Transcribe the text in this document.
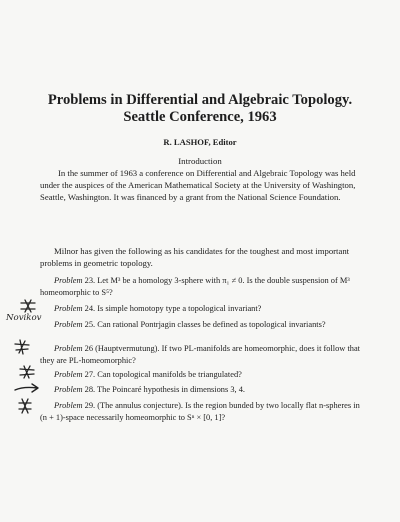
Problems in Differential and Algebraic Topology. Seattle Conference, 1963
R. LASHOF, Editor
Introduction
In the summer of 1963 a conference on Differential and Algebraic Topology was held under the auspices of the American Mathematical Society at the University of Washington, Seattle, Washington. It was financed by a grant from the National Science Foundation.
Milnor has given the following as his candidates for the toughest and most important problems in geometric topology.
Problem 23. Let M³ be a homology 3-sphere with π₁ ≠ 0. Is the double suspension of M³ homeomorphic to S⁵?
Problem 24. Is simple homotopy type a topological invariant?
Problem 25. Can rational Pontrjagin classes be defined as topological invariants?
Problem 26 (Hauptvermutung). If two PL-manifolds are homeomorphic, does it follow that they are PL-homeomorphic?
Problem 27. Can topological manifolds be triangulated?
Problem 28. The Poincaré hypothesis in dimensions 3, 4.
Problem 29. (The annulus conjecture). Is the region bunded by two locally flat n-spheres in (n + 1)-space necessarily homeomorphic to Sⁿ × [0, 1]?
Novikov
